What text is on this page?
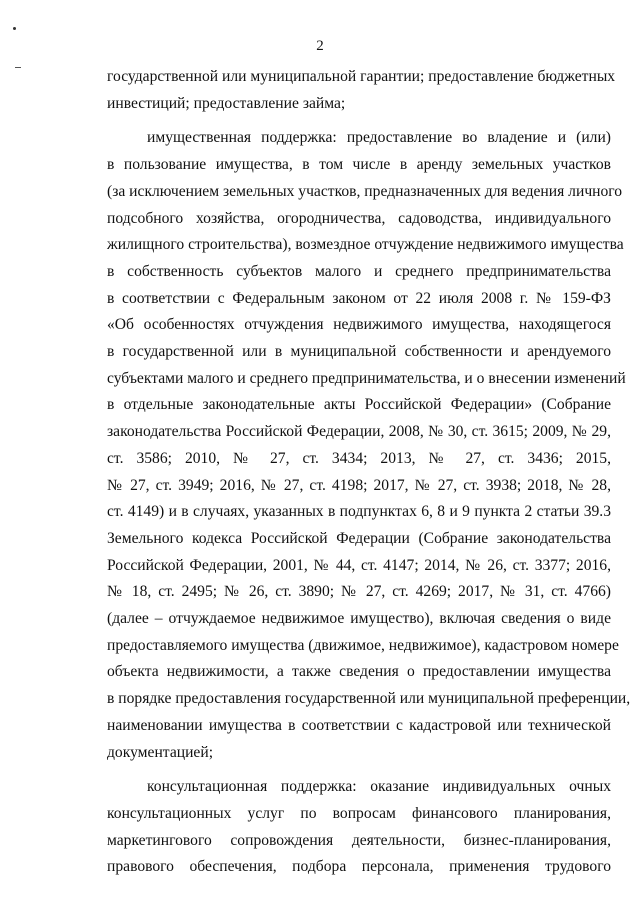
2
государственной или муниципальной гарантии; предоставление бюджетных
инвестиций; предоставление займа;
имущественная поддержка: предоставление во владение и (или)
в пользование имущества, в том числе в аренду земельных участков
(за исключением земельных участков, предназначенных для ведения личного
подсобного хозяйства, огородничества, садоводства, индивидуального
жилищного строительства), возмездное отчуждение недвижимого имущества
в собственность субъектов малого и среднего предпринимательства
в соответствии с Федеральным законом от 22 июля 2008 г. № 159-ФЗ
«Об особенностях отчуждения недвижимого имущества, находящегося
в государственной или в муниципальной собственности и арендуемого
субъектами малого и среднего предпринимательства, и о внесении изменений
в отдельные законодательные акты Российской Федерации» (Собрание
законодательства Российской Федерации, 2008, № 30, ст. 3615; 2009, № 29,
ст. 3586; 2010, № 27, ст. 3434; 2013, № 27, ст. 3436; 2015,
№ 27, ст. 3949; 2016, № 27, ст. 4198; 2017, № 27, ст. 3938; 2018, № 28,
ст. 4149) и в случаях, указанных в подпунктах 6, 8 и 9 пункта 2 статьи 39.3
Земельного кодекса Российской Федерации (Собрание законодательства
Российской Федерации, 2001, № 44, ст. 4147; 2014, № 26, ст. 3377; 2016,
№ 18, ст. 2495; № 26, ст. 3890; № 27, ст. 4269; 2017, № 31, ст. 4766)
(далее – отчуждаемое недвижимое имущество), включая сведения о виде
предоставляемого имущества (движимое, недвижимое), кадастровом номере
объекта недвижимости, а также сведения о предоставлении имущества
в порядке предоставления государственной или муниципальной преференции,
наименовании имущества в соответствии с кадастровой или технической
документацией;
консультационная поддержка: оказание индивидуальных очных
консультационных услуг по вопросам финансового планирования,
маркетингового сопровождения деятельности, бизнес-планирования,
правового обеспечения, подбора персонала, применения трудового
